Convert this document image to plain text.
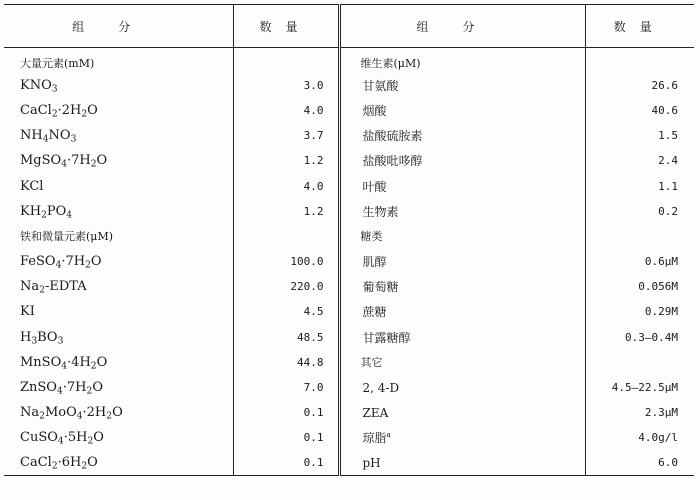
组分	数量	组分	数量
大量元素(mM)		维生素(μM)	
$KNO_3$	3.0	甘氨酸	26.6
$CaCl_2\cdot 2H_2O$	4.0	烟酸	40.6
$NH_4NO_3$	3.7	盐酸硫胺素	1.5
$MgSO_4\cdot 7H_2O$	1.2	盐酸吡哆醇	2.4
KCl	4.0	叶酸	1.1
$KH_2PO_4$	1.2	生物素	0.2
铁和微量元素(μM)		糖类	
$FeSO_4\cdot 7H_2O$	100.0	肌醇	0.6μM
$Na_2$-EDTA	220.0	葡萄糖	0.056M
KI	4.5	蔗糖	0.29M
$H_3BO_3$	48.5	甘露糖醇	0.3—0.4M
$MnSO_4\cdot 4H_2O$	44.8	其它	
$ZnSO_4\cdot 7H_2O$	7.0	2, 4-D	4.5—22.5μM
$Na_2MoO_4\cdot 2H_2O$	0.1	ZEA	2.3μM
$CuSO_4\cdot 5H_2O$	0.1	琼脂$^a$	4.0g/l
$CaCl_2\cdot 6H_2O$	0.1	pH	6.0
